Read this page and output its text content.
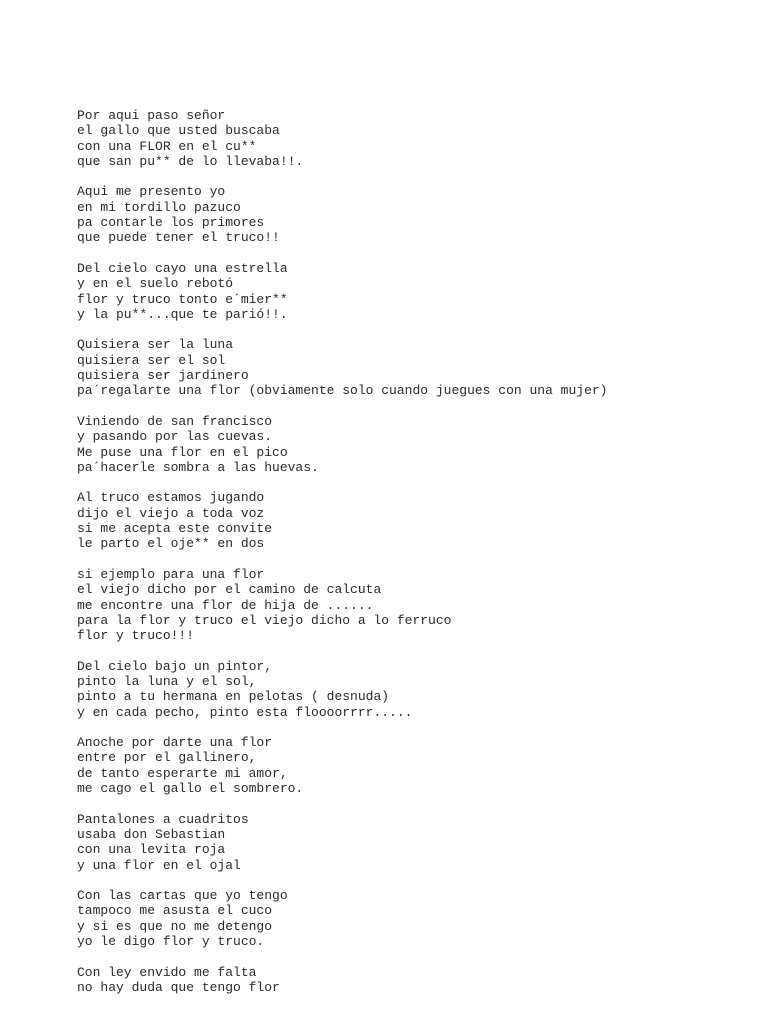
Por aqui paso señor
el gallo que usted buscaba
con una FLOR en el cu**
que san pu** de lo llevaba!!.
Aqui me presento yo
en mi tordillo pazuco
pa contarle los primores
que puede tener el truco!!
Del cielo cayo una estrella
y en el suelo rebotó
flor y truco tonto e´mier**
y la pu**...que te parió!!.
Quisiera ser la luna
quisiera ser el sol
quisiera ser jardinero
pa´regalarte una flor (obviamente solo cuando juegues con una mujer)
Viniendo de san francisco
y pasando por las cuevas.
Me puse una flor en el pico
pa´hacerle sombra a las huevas.
Al truco estamos jugando
dijo el viejo a toda voz
si me acepta este convite
le parto el oje** en dos
si ejemplo para una flor
el viejo dicho por el camino de calcuta
me encontre una flor de hija de ......
para la flor y truco el viejo dicho a lo ferruco
flor y truco!!!
Del cielo bajo un pintor,
pinto la luna y el sol,
pinto a tu hermana en pelotas ( desnuda)
y en cada pecho, pinto esta floooorrrr.....
Anoche por darte una flor
entre por el gallinero,
de tanto esperarte mi amor,
me cago el gallo el sombrero.
Pantalones a cuadritos
usaba don Sebastian
con una levita roja
y una flor en el ojal
Con las cartas que yo tengo
tampoco me asusta el cuco
y si es que no me detengo
yo le digo flor y truco.
Con ley envido me falta
no hay duda que tengo flor
